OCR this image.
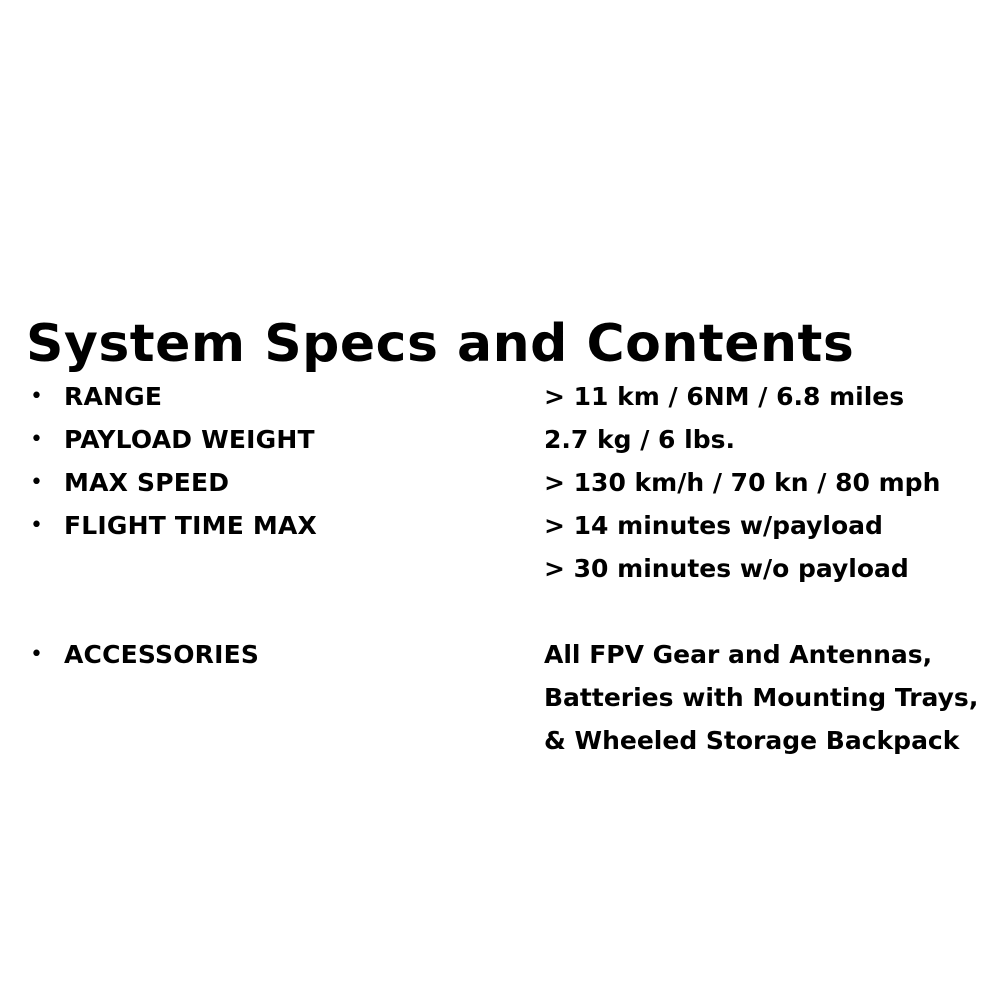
System Specs and Contents
• RANGE	> 11 km / 6NM / 6.8 miles
• PAYLOAD WEIGHT	2.7 kg / 6 lbs.
• MAX SPEED	> 130 km/h / 70 kn / 80 mph
• FLIGHT TIME MAX	> 14 minutes w/payload
> 30 minutes w/o payload
• ACCESSORIES	All FPV Gear and Antennas,
Batteries with Mounting Trays,
& Wheeled Storage Backpack
